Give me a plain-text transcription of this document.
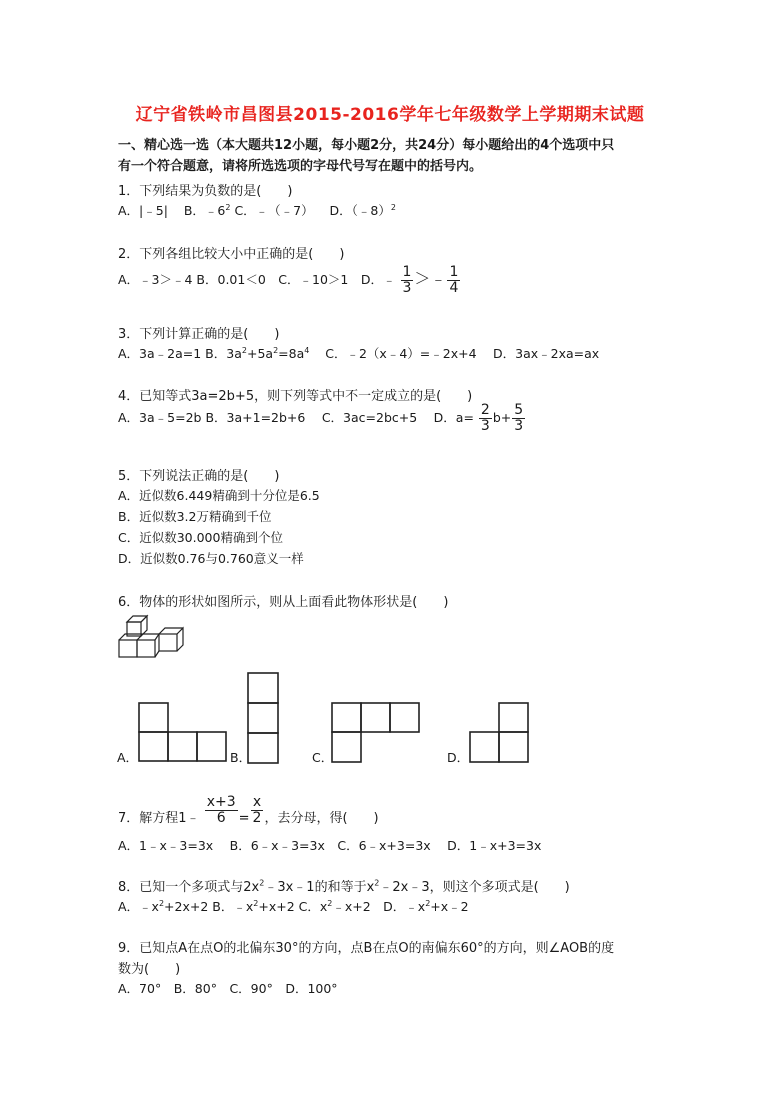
辽宁省铁岭市昌图县2015-2016学年七年级数学上学期期末试题
一、精心选一选（本大题共12小题，每小题2分，共24分）每小题给出的4个选项中只
有一个符合题意，请将所选选项的字母代号写在题中的括号内。
1．下列结果为负数的是(　　)
A．|﹣5| B．$﹣6^2$ C．﹣（﹣7） D．（﹣8）$^2$
2．下列各组比较大小中正确的是(　　)
A．﹣3＞﹣4 B．0.01＜0　C．﹣10＞1　D．﹣ $\frac{1}{3}$ ＞﹣ $\frac{1}{4}$
3．下列计算正确的是(　　)
A．3a﹣2a=1 B．$3a^2+5a^2=8a^4$ C．﹣2（x﹣4）=﹣2x+4　 D．3ax﹣2xa=ax
4．已知等式3a=2b+5，则下列等式中不一定成立的是(　　)
A．3a﹣5=2b B．3a+1=2b+6　 C．3ac=2bc+5　 D．$a= \frac{2}{3} b+ \frac{5}{3}$
5．下列说法正确的是(　　)
A．近似数6.449精确到十分位是6.5
B．近似数3.2万精确到千位
C．近似数30.000精确到个位
D．近似数0.76与0.760意义一样
6．物体的形状如图所示，则从上面看此物体形状是(　　)
A．	B．	C．	D．
7．解方程1﹣ $\frac{x+3}{6} = \frac{x}{2}$ ，去分母，得(　　)
A．1﹣x﹣3=3x　 B．6﹣x﹣3=3x　C．6﹣x+3=3x　 D．1﹣x+3=3x
8．已知一个多项式与$2x^2﹣3x﹣1$的和等于$x^2﹣2x﹣3$，则这个多项式是(　　)
A．$﹣x^2+2x+2$ B．$﹣x^2+x+2$ C．$x^2﹣x+2$　D．$﹣x^2+x﹣2$
9．已知点A在点O的北偏东30°的方向，点B在点O的南偏东60°的方向，则∠AOB的度
数为(　　)
A．70°　B．80°　C．90°　D．100°
